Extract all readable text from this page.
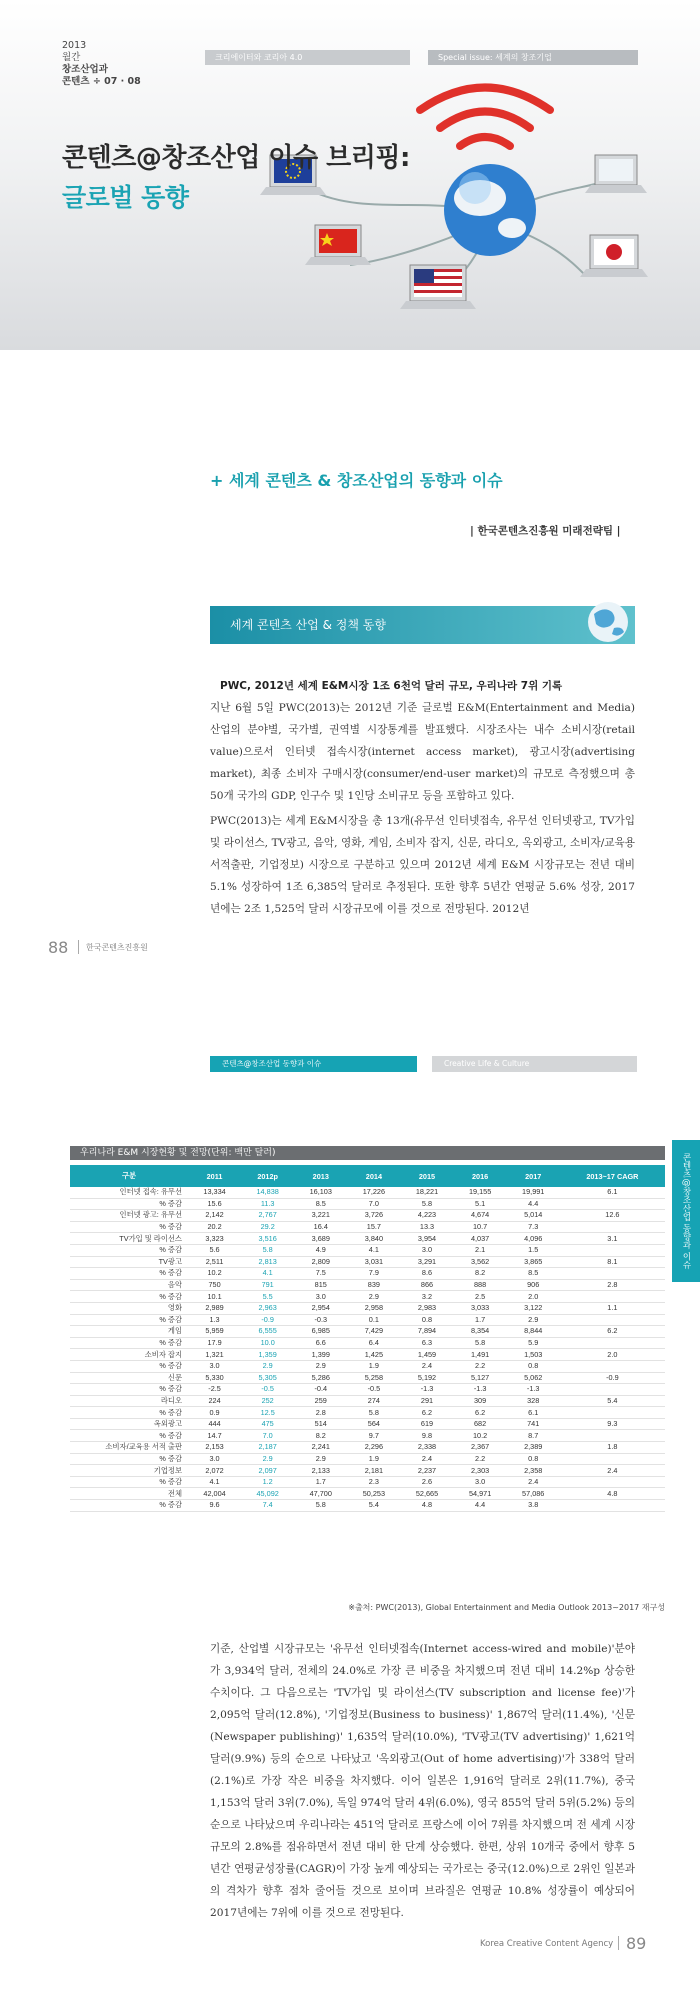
2013
월간
창조산업과
콘텐츠 ÷ 07 · 08
크리에이터와 코리아 4.0	Special issue: 세계의 창조기업
콘텐츠@창조산업 이슈 브리핑:
글로벌 동향
+ 세계 콘텐츠 & 창조산업의 동향과 이슈
| 한국콘텐츠진흥원 미래전략팀 |
세계 콘텐츠 산업 & 정책 동향
PWC, 2012년 세계 E&M시장 1조 6천억 달러 규모, 우리나라 7위 기록
지난 6월 5일 PWC(2013)는 2012년 기준 글로벌 E&M(Entertainment and Media) 산업의 분야별, 국가별, 권역별 시장통계를 발표했다. 시장조사는 내수 소비시장(retail value)으로서 인터넷 접속시장(internet access market), 광고시장(advertising market), 최종 소비자 구매시장(consumer/end-user market)의 규모로 측정했으며 총 50개 국가의 GDP, 인구수 및 1인당 소비규모 등을 포함하고 있다.
PWC(2013)는 세계 E&M시장을 총 13개(유무선 인터넷접속, 유무선 인터넷광고, TV가입 및 라이선스, TV광고, 음악, 영화, 게임, 소비자 잡지, 신문, 라디오, 옥외광고, 소비자/교육용 서적출판, 기업정보) 시장으로 구분하고 있으며 2012년 세계 E&M 시장규모는 전년 대비 5.1% 성장하여 1조 6,385억 달러로 추정된다. 또한 향후 5년간 연평균 5.6% 성장, 2017년에는 2조 1,525억 달러 시장규모에 이를 것으로 전망된다. 2012년
88 한국콘텐츠진흥원
콘텐츠@창조산업 동향과 이슈	Creative Life & Culture
콘텐츠@창조산업 동향과 이슈
우리나라 E&M 시장현황 및 전망(단위: 백만 달러)
구분	2011	2012p	2013	2014	2015	2016	2017	2013~17 CAGR
인터넷 접속: 유무선	13,334	14,838	16,103	17,226	18,221	19,155	19,991	6.1
% 증감	15.6	11.3	8.5	7.0	5.8	5.1	4.4	
인터넷 광고: 유무선	2,142	2,767	3,221	3,726	4,223	4,674	5,014	12.6
% 증감	20.2	29.2	16.4	15.7	13.3	10.7	7.3	
TV가입 및 라이선스	3,323	3,516	3,689	3,840	3,954	4,037	4,096	3.1
% 증감	5.6	5.8	4.9	4.1	3.0	2.1	1.5	
TV광고	2,511	2,813	2,809	3,031	3,291	3,562	3,865	8.1
% 증감	10.2	4.1	7.5	7.9	8.6	8.2	8.5	
음악	750	791	815	839	866	888	906	2.8
% 증감	10.1	5.5	3.0	2.9	3.2	2.5	2.0	
영화	2,989	2,963	2,954	2,958	2,983	3,033	3,122	1.1
% 증감	1.3	-0.9	-0.3	0.1	0.8	1.7	2.9	
게임	5,959	6,555	6,985	7,429	7,894	8,354	8,844	6.2
% 증감	17.9	10.0	6.6	6.4	6.3	5.8	5.9	
소비자 잡지	1,321	1,359	1,399	1,425	1,459	1,491	1,503	2.0
% 증감	3.0	2.9	2.9	1.9	2.4	2.2	0.8	
신문	5,330	5,305	5,286	5,258	5,192	5,127	5,062	-0.9
% 증감	-2.5	-0.5	-0.4	-0.5	-1.3	-1.3	-1.3	
라디오	224	252	259	274	291	309	328	5.4
% 증감	0.9	12.5	2.8	5.8	6.2	6.2	6.1	
옥외광고	444	475	514	564	619	682	741	9.3
% 증감	14.7	7.0	8.2	9.7	9.8	10.2	8.7	
소비자/교육용 서적 출판	2,153	2,187	2,241	2,296	2,338	2,367	2,389	1.8
% 증감	3.0	2.9	2.9	1.9	2.4	2.2	0.8	
기업정보	2,072	2,097	2,133	2,181	2,237	2,303	2,358	2.4
% 증감	4.1	1.2	1.7	2.3	2.6	3.0	2.4	
전체	42,004	45,092	47,700	50,253	52,665	54,971	57,086	4.8
% 증감	9.6	7.4	5.8	5.4	4.8	4.4	3.8	
※출처: PWC(2013), Global Entertainment and Media Outlook 2013~2017 재구성
기준, 산업별 시장규모는 '유무선 인터넷접속(Internet access-wired and mobile)'분야가 3,934억 달러, 전체의 24.0%로 가장 큰 비중을 차지했으며 전년 대비 14.2%p 상승한 수치이다. 그 다음으로는 'TV가입 및 라이선스(TV subscription and license fee)'가 2,095억 달러(12.8%), '기업정보(Business to business)' 1,867억 달러(11.4%), '신문(Newspaper publishing)' 1,635억 달러(10.0%), 'TV광고(TV advertising)' 1,621억 달러(9.9%) 등의 순으로 나타났고 '옥외광고(Out of home advertising)'가 338억 달러(2.1%)로 가장 작은 비중을 차지했다. 이어 일본은 1,916억 달러로 2위(11.7%), 중국 1,153억 달러 3위(7.0%), 독일 974억 달러 4위(6.0%), 영국 855억 달러 5위(5.2%) 등의 순으로 나타났으며 우리나라는 451억 달러로 프랑스에 이어 7위를 차지했으며 전 세계 시장규모의 2.8%를 점유하면서 전년 대비 한 단계 상승했다. 한편, 상위 10개국 중에서 향후 5년간 연평균성장률(CAGR)이 가장 높게 예상되는 국가로는 중국(12.0%)으로 2위인 일본과의 격차가 향후 점차 줄어들 것으로 보이며 브라질은 연평균 10.8% 성장률이 예상되어 2017년에는 7위에 이를 것으로 전망된다.
Korea Creative Content Agency 89
